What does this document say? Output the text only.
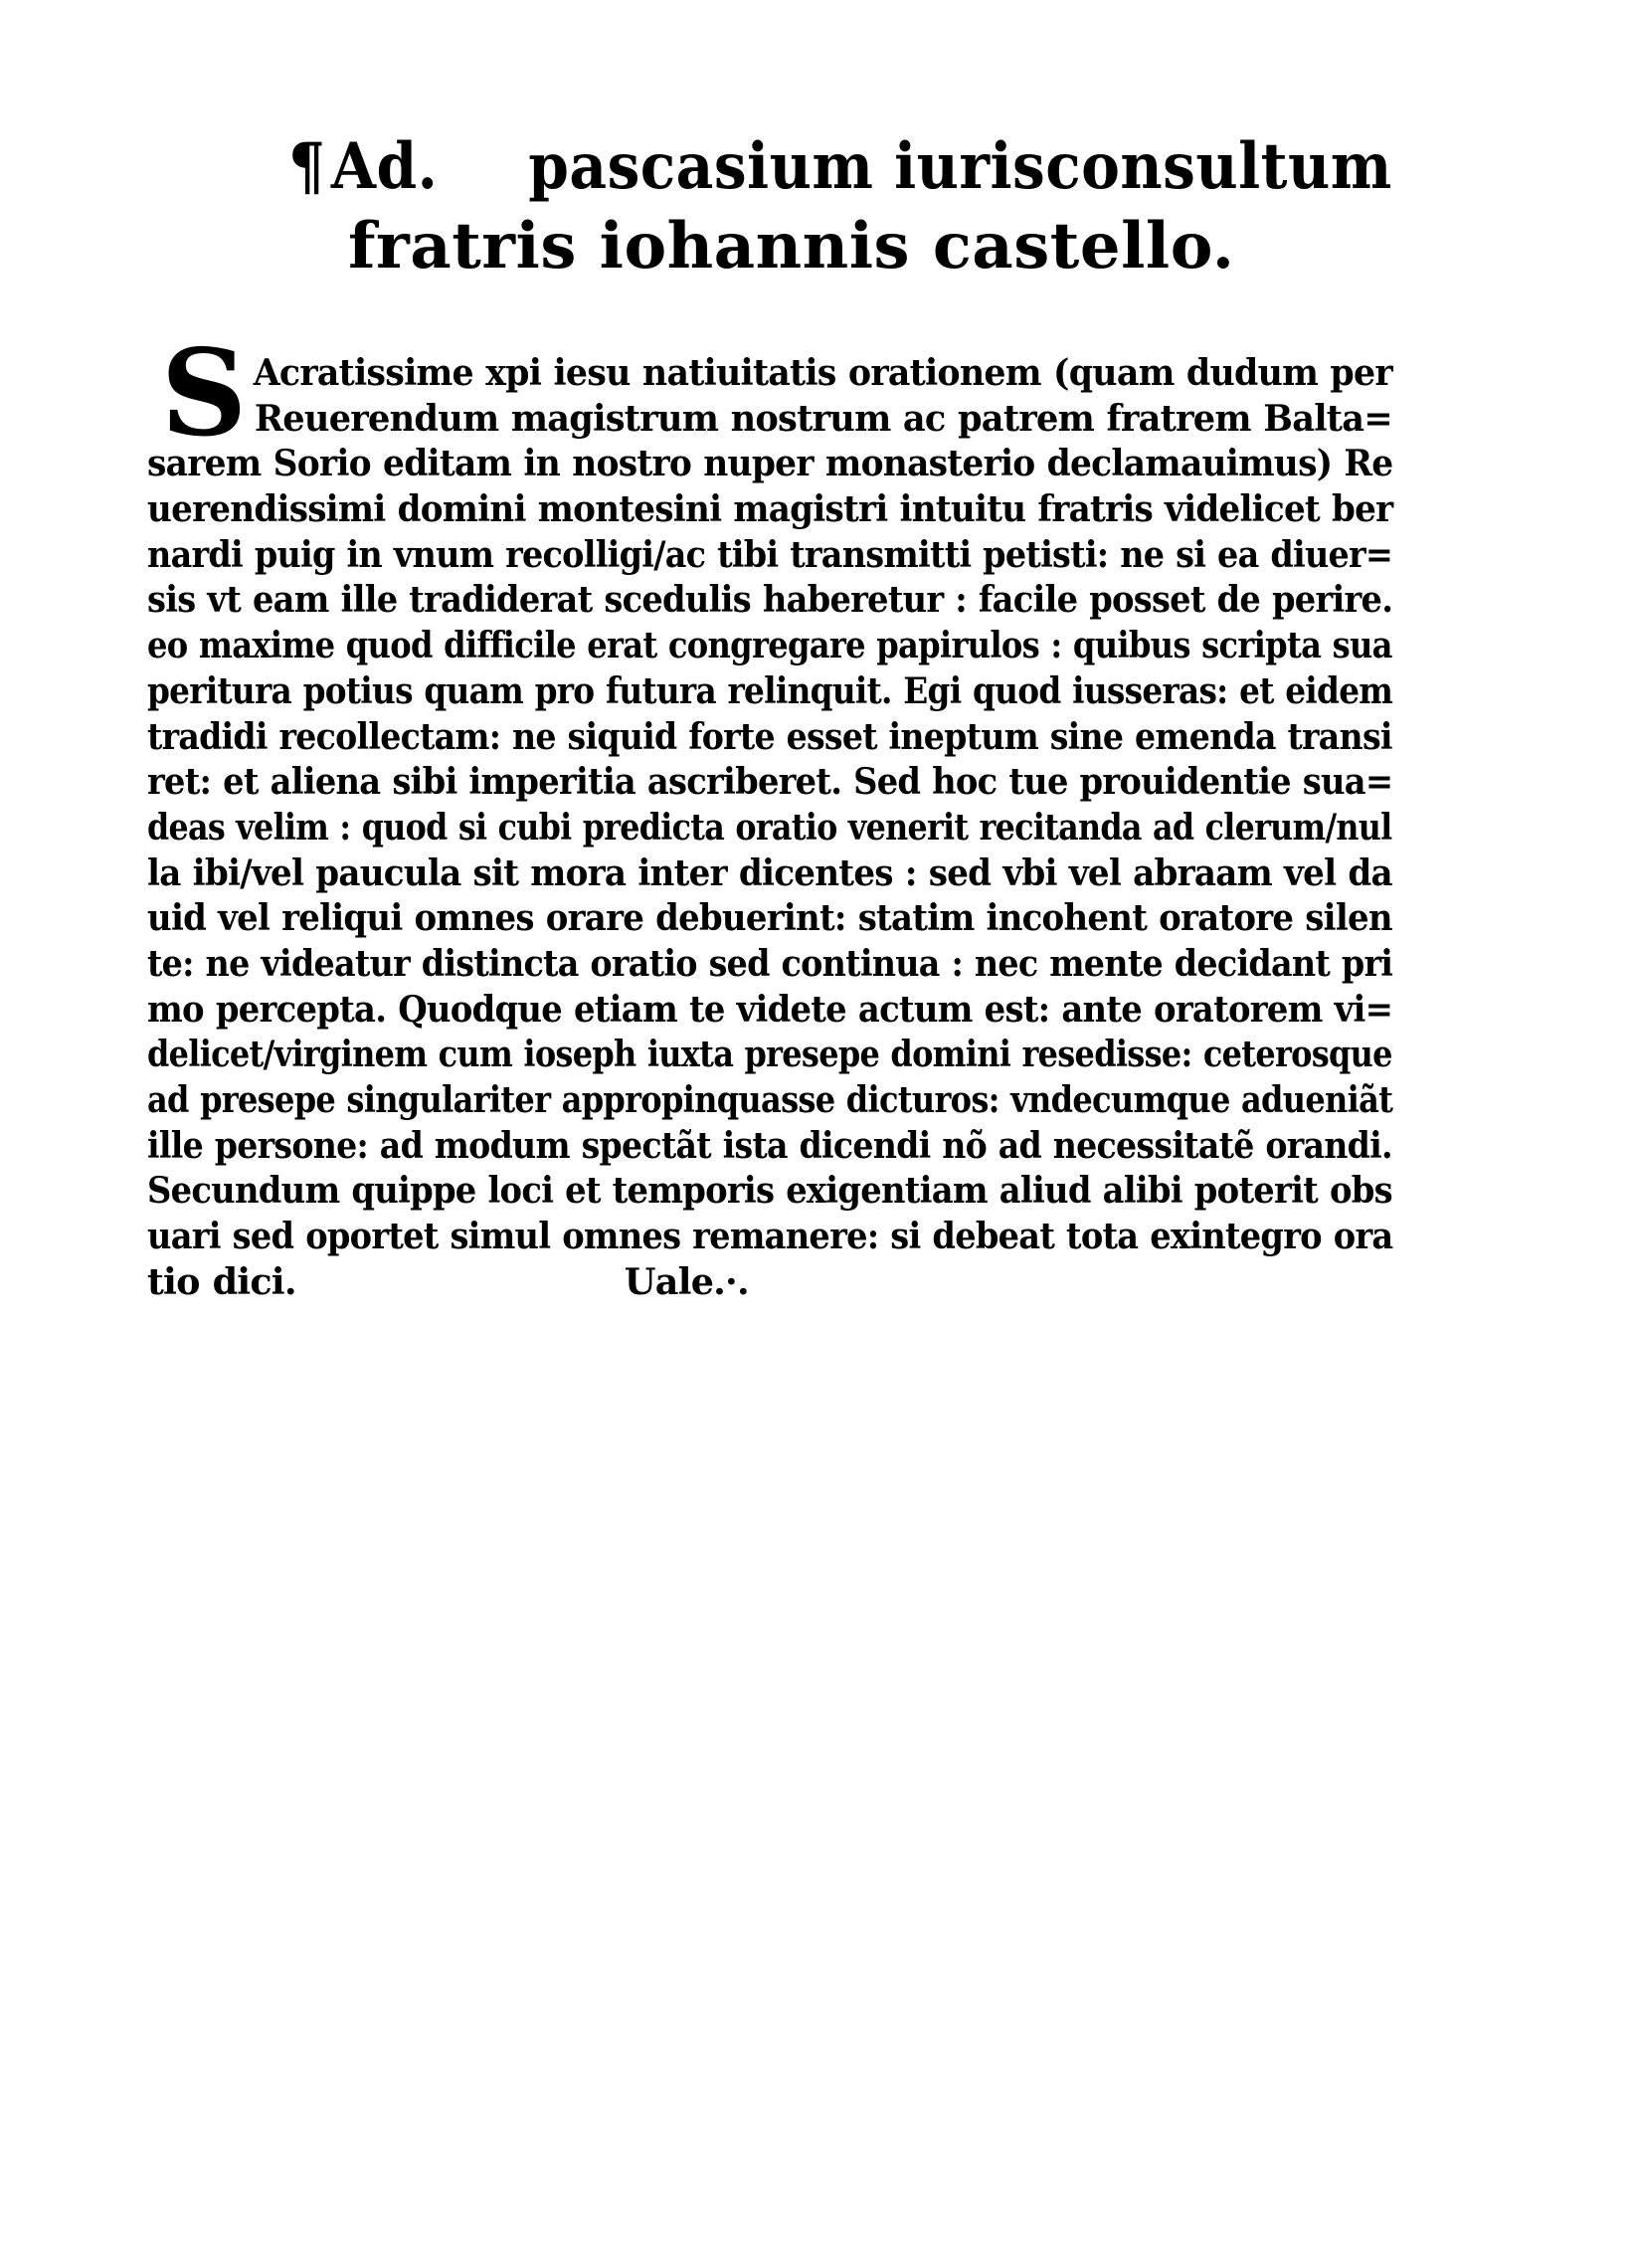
¶Ad. pascasium iurisconsultum
fratris iohannis castello.
S Acratissime xpi iesu natiuitatis orationem (quam dudum per
Reuerendum magistrum nostrum ac patrem fratrem Balta=
sarem Sorio editam in nostro nuper monasterio declamauimus) Re
uerendissimi domini montesini magistri intuitu fratris videlicet ber
nardi puig in vnum recolligi/ac tibi transmitti petisti: ne si ea diuer=
sis vt eam ille tradiderat scedulis haberetur : facile posset de perire.
eo maxime quod difficile erat congregare papirulos : quibus scripta sua
peritura potius quam pro futura relinquit. Egi quod iusseras: et eidem
tradidi recollectam: ne siquid forte esset ineptum sine emenda transi
ret: et aliena sibi imperitia ascriberet. Sed hoc tue prouidentie sua=
deas velim : quod si cubi predicta oratio venerit recitanda ad clerum/nul
la ibi/vel paucula sit mora inter dicentes : sed vbi vel abraam vel da
uid vel reliqui omnes orare debuerint: statim incohent oratore silen
te: ne videatur distincta oratio sed continua : nec mente decidant pri
mo percepta. Quodque etiam te videte actum est: ante oratorem vi=
delicet/virginem cum ioseph iuxta presepe domini resedisse: ceterosque
ad presepe singulariter appropinquasse dicturos: vndecumque adueniãt
ille persone: ad modum spectãt ista dicendi nõ ad necessitatẽ orandi.
Secundum quippe loci et temporis exigentiam aliud alibi poterit obs
uari sed oportet simul omnes remanere: si debeat tota exintegro ora
tio dici.	Uale.·.
